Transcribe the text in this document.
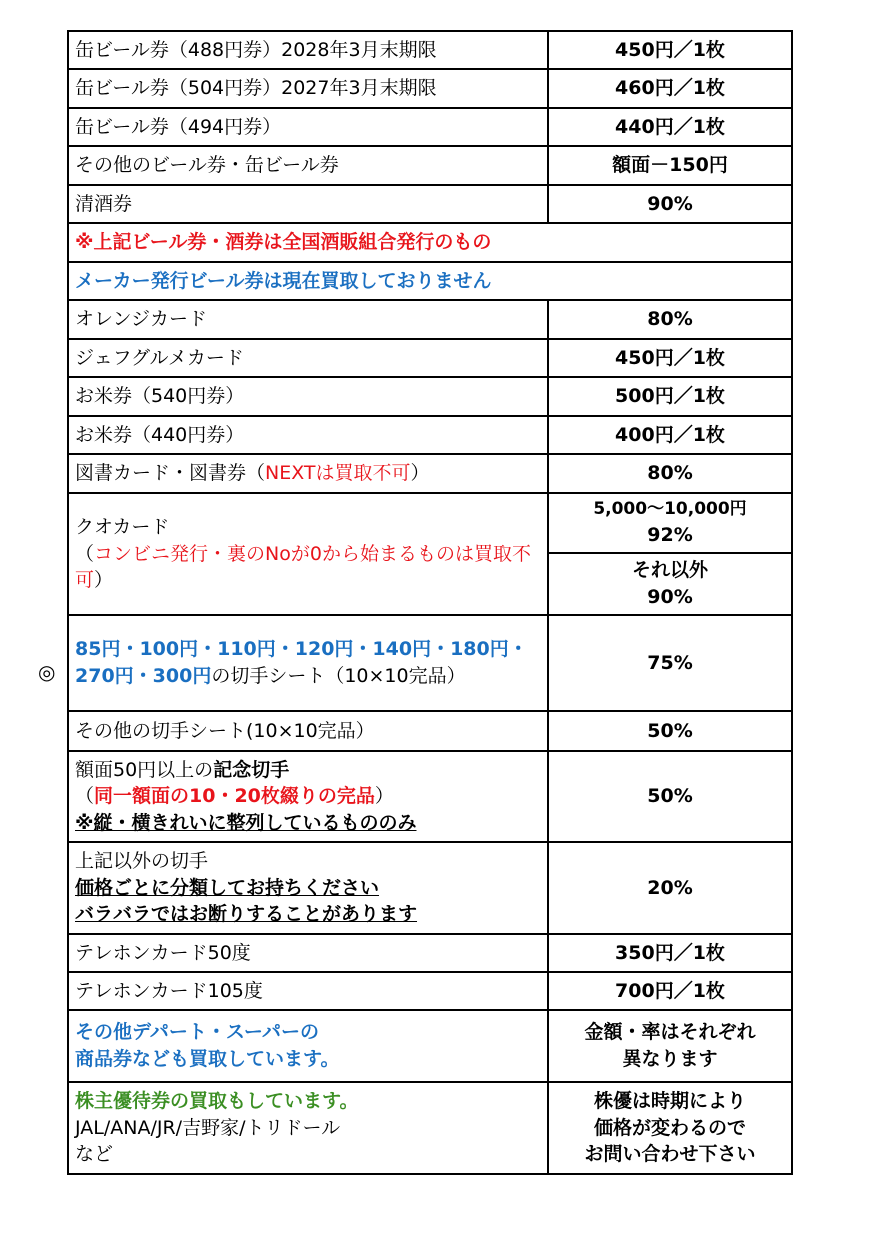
◎
缶ビール券（488円券）2028年3月末期限	450円／1枚
缶ビール券（504円券）2027年3月末期限	460円／1枚
缶ビール券（494円券）	440円／1枚
その他のビール券・缶ビール券	額面－150円
清酒券	90%
※上記ビール券・酒券は全国酒販組合発行のもの	
メーカー発行ビール券は現在買取しておりません	
オレンジカード	80%
ジェフグルメカード	450円／1枚
お米券（540円券）	500円／1枚
お米券（440円券）	400円／1枚
図書カード・図書券（NEXTは買取不可）	80%

クオカード
（コンビニ発行・裏のNoが0から始まるものは買取不可）	5,000〜10,000円
92%

	それ以外
90%

85円・100円・110円・120円・140円・180円・270円・300円の切手シート（10×10完品）	75%
その他の切手シート(10×10完品）	50%

額面50円以上の記念切手
（同一額面の10・20枚綴りの完品）
※縦・横きれいに整列しているもののみ	50%

上記以外の切手
価格ごとに分類してお持ちください
バラバラではお断りすることがあります	20%
テレホンカード50度	350円／1枚
テレホンカード105度	700円／1枚

その他デパート・スーパーの
商品券なども買取しています。	金額・率はそれぞれ
異なります

株主優待券の買取もしています。
JAL/ANA/JR/吉野家/トリドール
など	株優は時期により
価格が変わるので
お問い合わせ下さい
